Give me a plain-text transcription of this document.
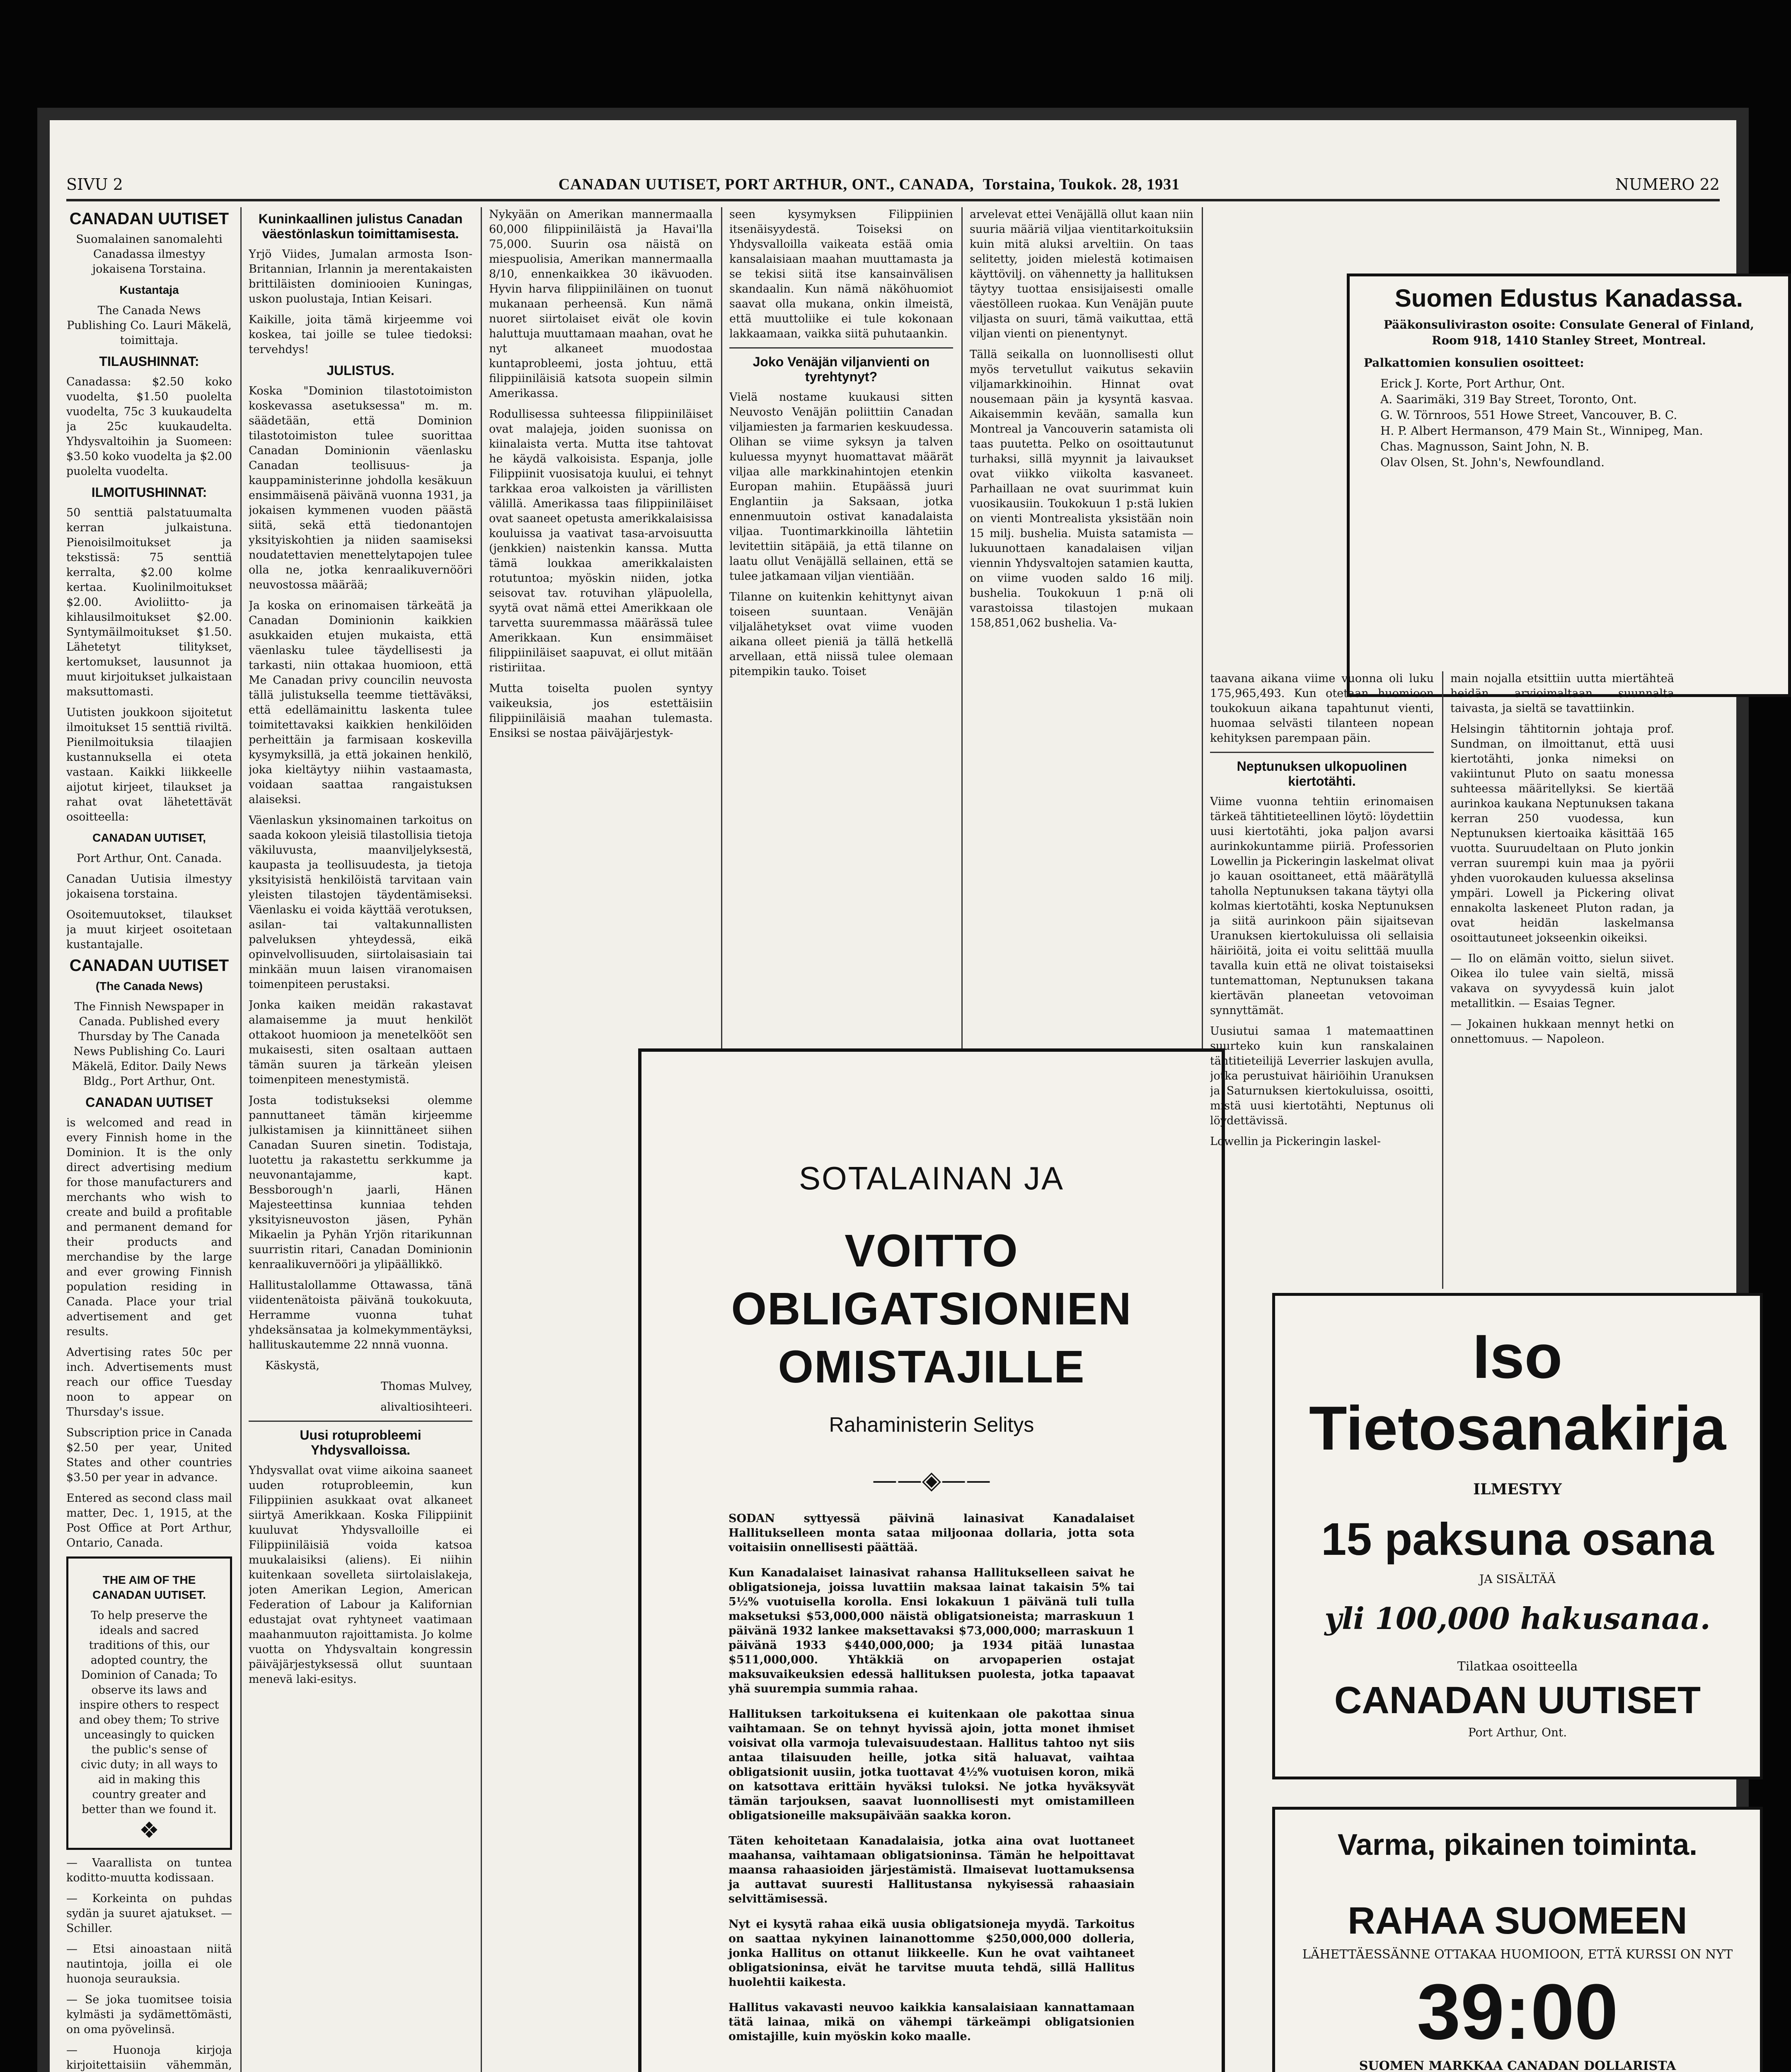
SIVU 2	CANADAN UUTISET, PORT ARTHUR, ONT., CANADA, Torstaina, Toukok. 28, 1931	NUMERO 22
CANADAN UUTISET

Suomalainen sanomalehti Canadassa ilmestyy jokaisena Torstaina.

Kustantaja

The Canada News Publishing Co. Lauri Mäkelä, toimittaja.

TILAUSHINNAT:

Canadassa: $2.50 koko vuodelta, $1.50 puolelta vuodelta, 75c 3 kuukaudelta ja 25c kuukaudelta. Yhdysvaltoihin ja Suomeen: $3.50 koko vuodelta ja $2.00 puolelta vuodelta.

ILMOITUSHINNAT:

50 senttiä palstatuumalta kerran julkaistuna. Pienoisilmoitukset ja tekstissä: 75 senttiä kerralta, $2.00 kolme kertaa. Kuolinilmoitukset $2.00. Avioliitto- ja kihlausilmoitukset $2.00. Syntymäilmoitukset $1.50. Lähetetyt tilitykset, kertomukset, lausunnot ja muut kirjoitukset julkaistaan maksuttomasti.

Uutisten joukkoon sijoitetut ilmoitukset 15 senttiä riviltä. Pienilmoituksia tilaajien kustannuksella ei oteta vastaan. Kaikki liikkeelle aijotut kirjeet, tilaukset ja rahat ovat lähetettävät osoitteella:

CANADAN UUTISET,

Port Arthur, Ont. Canada.

Canadan Uutisia ilmestyy jokaisena torstaina.

Osoitemuutokset, tilaukset ja muut kirjeet osoitetaan kustantajalle.

CANADAN UUTISET
(The Canada News)

The Finnish Newspaper in Canada. Published every Thursday by The Canada News Publishing Co. Lauri Mäkelä, Editor. Daily News Bldg., Port Arthur, Ont.

CANADAN UUTISET

is welcomed and read in every Finnish home in the Dominion. It is the only direct advertising medium for those manufacturers and merchants who wish to create and build a profitable and permanent demand for their products and merchandise by the large and ever growing Finnish population residing in Canada. Place your trial advertisement and get results.

Advertising rates 50c per inch. Advertisements must reach our office Tuesday noon to appear on Thursday's issue.

Subscription price in Canada $2.50 per year, United States and other countries $3.50 per year in advance.

Entered as second class mail matter, Dec. 1, 1915, at the Post Office at Port Arthur, Ontario, Canada.

THE AIM OF THE CANADAN UUTISET.

To help preserve the ideals and sacred traditions of this, our adopted country, the Dominion of Canada; To observe its laws and inspire others to respect and obey them; To strive unceasingly to quicken the public's sense of civic duty; in all ways to aid in making this country greater and better than we found it.

❖

— Vaarallista on tuntea koditto-muutta kodissaan.

— Korkeinta on puhdas sydän ja suuret ajatukset. — Schiller.

— Etsi ainoastaan niitä nautintoja, joilla ei ole huonoja seurauksia.

— Se joka tuomitsee toisia kylmästi ja sydämettömästi, on oma pyövelinsä.

— Huonoja kirjoja kirjoitettaisiin vähemmän,

Kuninkaallinen julistus Canadan väestönlaskun toimittamisesta.

Yrjö Viides, Jumalan armosta Ison-Britannian, Irlannin ja merentakaisten brittiläisten dominiooien Kuningas, uskon puolustaja, Intian Keisari.

Kaikille, joita tämä kirjeemme voi koskea, tai joille se tulee tiedoksi: tervehdys!

JULISTUS.

Koska "Dominion tilastotoimiston koskevassa asetuksessa" m. m. säädetään, että Dominion tilastotoimiston tulee suorittaa Canadan Dominionin väenlasku Canadan teollisuus- ja kauppaministerinne johdolla kesäkuun ensimmäisenä päivänä vuonna 1931, ja jokaisen kymmenen vuoden päästä siitä, sekä että tiedonantojen yksityiskohtien ja niiden saamiseksi noudatettavien menettelytapojen tulee olla ne, jotka kenraalikuvernööri neuvostossa määrää;

Ja koska on erinomaisen tärkeätä ja Canadan Dominionin kaikkien asukkaiden etujen mukaista, että väenlasku tulee täydellisesti ja tarkasti, niin ottakaa huomioon, että Me Canadan privy councilin neuvosta tällä julistuksella teemme tiettäväksi, että edellämainittu laskenta tulee toimitettavaksi kaikkien henkilöiden perheittäin ja farmisaan koskevilla kysymyksillä, ja että jokainen henkilö, joka kieltäytyy niihin vastaamasta, voidaan saattaa rangaistuksen alaiseksi.

Väenlaskun yksinomainen tarkoitus on saada kokoon yleisiä tilastollisia tietoja väkiluvusta, maanviljelyksestä, kaupasta ja teollisuudesta, ja tietoja yksityisistä henkilöistä tarvitaan vain yleisten tilastojen täydentämiseksi. Väenlasku ei voida käyttää verotuksen, asilan- tai valtakunnallisten palveluksen yhteydessä, eikä opinvelvollisuuden, siirtolaisasiain tai minkään muun laisen viranomaisen toimenpiteen perustaksi.

Jonka kaiken meidän rakastavat alamaisemme ja muut henkilöt ottakoot huomioon ja menetelkööt sen mukaisesti, siten osaltaan auttaen tämän suuren ja tärkeän yleisen toimenpiteen menestymistä.

Josta todistukseksi olemme pannuttaneet tämän kirjeemme julkistamisen ja kiinnittäneet siihen Canadan Suuren sinetin. Todistaja, luotettu ja rakastettu serkkumme ja neuvonantajamme, kapt. Bessborough'n jaarli, Hänen Majesteettinsa kunniaa tehden yksityisneuvoston jäsen, Pyhän Mikaelin ja Pyhän Yrjön ritarikunnan suurristin ritari, Canadan Dominionin kenraalikuvernööri ja ylipäällikkö.

Hallitustalollamme Ottawassa, tänä viidentenätoista päivänä toukokuuta, Herramme vuonna tuhat yhdeksänsataa ja kolmekymmentäyksi, hallituskautemme 22 nnnä vuonna.

Käskystä,

Thomas Mulvey,

alivaltiosihteeri.

Uusi rotuprobleemi Yhdysvalloissa.

Yhdysvallat ovat viime aikoina saaneet uuden rotuprobleemin, kun Filippiinien asukkaat ovat alkaneet siirtyä Amerikkaan. Koska Filippiinit kuuluvat Yhdysvalloille ei Filippiiniläisiä voida katsoa muukalaisiksi (aliens). Ei niihin kuitenkaan sovelleta siirtolaislakeja, joten Amerikan Legion, American Federation of Labour ja Kalifornian edustajat ovat ryhtyneet vaatimaan maahanmuuton rajoittamista. Jo kolme vuotta on Yhdysvaltain kongressin päiväjärjestyksessä ollut suuntaan menevä laki-esitys.

Nykyään on Amerikan mannermaalla 60,000 filippiiniläistä ja Havai'lla 75,000. Suurin osa näistä on miespuolisia, Amerikan mannermaalla 8/10, ennenkaikkea 30 ikävuoden. Hyvin harva filippiiniläinen on tuonut mukanaan perheensä. Kun nämä nuoret siirtolaiset eivät ole kovin haluttuja muuttamaan maahan, ovat he nyt alkaneet muodostaa kuntaprobleemi, josta johtuu, että filippiiniläisiä katsota suopein silmin Amerikassa.

Rodullisessa suhteessa filippiiniläiset ovat malajeja, joiden suonissa on kiinalaista verta. Mutta itse tahtovat he käydä valkoisista. Espanja, jolle Filippiinit vuosisatoja kuului, ei tehnyt tarkkaa eroa valkoisten ja värillisten välillä. Amerikassa taas filippiiniläiset ovat saaneet opetusta amerikkalaisissa kouluissa ja vaativat tasa-arvoisuutta (jenkkien) naistenkin kanssa. Mutta tämä loukkaa amerikkalaisten rotutuntoa; myöskin niiden, jotka seisovat tav. rotuvihan yläpuolella, syytä ovat nämä ettei Amerikkaan ole tarvetta suuremmassa määrässä tulee Amerikkaan. Kun ensimmäiset filippiiniläiset saapuvat, ei ollut mitään ristiriitaa.

Mutta toiselta puolen syntyy vaikeuksia, jos estettäisiin filippiiniläisiä maahan tulemasta. Ensiksi se nostaa päiväjärjestyk-

seen kysymyksen Filippiinien itsenäisyydestä. Toiseksi on Yhdysvalloilla vaikeata estää omia kansalaisiaan maahan muuttamasta ja se tekisi siitä itse kansainvälisen skandaalin. Kun nämä näköhuomiot saavat olla mukana, onkin ilmeistä, että muuttoliike ei tule kokonaan lakkaamaan, vaikka siitä puhutaankin.

Joko Venäjän viljanvienti on tyrehtynyt?

Vielä nostame kuukausi sitten Neuvosto Venäjän poliittiin Canadan viljamiesten ja farmarien keskuudessa. Olihan se viime syksyn ja talven kuluessa myynyt huomattavat määrät viljaa alle markkinahintojen etenkin Europan mahiin. Etupäässä juuri Englantiin ja Saksaan, jotka ennenmuutoin ostivat kanadalaista viljaa. Tuontimarkkinoilla lähtetiin levitettiin sitäpäiä, ja että tilanne on laatu ollut Venäjällä sellainen, että se tulee jatkamaan viljan vientiään.

Tilanne on kuitenkin kehittynyt aivan toiseen suuntaan. Venäjän viljalähetykset ovat viime vuoden aikana olleet pieniä ja tällä hetkellä arvellaan, että niissä tulee olemaan pitempikin tauko. Toiset

arvelevat ettei Venäjällä ollut kaan niin suuria määriä viljaa vientitarkoituksiin kuin mitä aluksi arveltiin. On taas selitetty, joiden mielestä kotimaisen käyttövilj. on vähennetty ja hallituksen täytyy tuottaa ensisijaisesti omalle väestölleen ruokaa. Kun Venäjän puute viljasta on suuri, tämä vaikuttaa, että viljan vienti on pienentynyt.

Tällä seikalla on luonnollisesti ollut myös tervetullut vaikutus sekaviin viljamarkkinoihin. Hinnat ovat nousemaan päin ja kysyntä kasvaa. Aikaisemmin kevään, samalla kun Montreal ja Vancouverin satamista oli taas puutetta. Pelko on osoittautunut turhaksi, sillä myynnit ja laivaukset ovat viikko viikolta kasvaneet. Parhaillaan ne ovat suurimmat kuin vuosikausiin. Toukokuun 1 p:stä lukien on vienti Montrealista yksistään noin 15 milj. bushelia. Muista satamista — lukuunottaen kanadalaisen viljan viennin Yhdysvaltojen satamien kautta, on viime vuoden saldo 16 milj. bushelia. Toukokuun 1 p:nä oli varastoissa tilastojen mukaan 158,851,062 bushelia. Va-

SOTALAINAN JA
VOITTO OBLIGATSIONIEN
OMISTAJILLE
Rahaministerin Selitys
——◈——

SODAN syttyessä päivinä lainasivat Kanadalaiset Hallitukselleen monta sataa miljoonaa dollaria, jotta sota voitaisiin onnellisesti päättää.

Kun Kanadalaiset lainasivat rahansa Hallitukselleen saivat he obligatsioneja, joissa luvattiin maksaa lainat takaisin 5% tai 5½% vuotuisella korolla. Ensi lokakuun 1 päivänä tuli tulla maksetuksi $53,000,000 näistä obligatsioneista; marraskuun 1 päivänä 1932 lankee maksettavaksi $73,000,000; marraskuun 1 päivänä 1933 $440,000,000; ja 1934 pitää lunastaa $511,000,000. Yhtäkkiä on arvopaperien ostajat maksuvaikeuksien edessä hallituksen puolesta, jotka tapaavat yhä suurempia summia rahaa.

Hallituksen tarkoituksena ei kuitenkaan ole pakottaa sinua vaihtamaan. Se on tehnyt hyvissä ajoin, jotta monet ihmiset voisivat olla varmoja tulevaisuudestaan. Hallitus tahtoo nyt siis antaa tilaisuuden heille, jotka sitä haluavat, vaihtaa obligatsionit uusiin, jotka tuottavat 4½% vuotuisen koron, mikä on katsottava erittäin hyväksi tuloksi. Ne jotka hyväksyvät tämän tarjouksen, saavat luonnollisesti myt omistamilleen obligatsioneille maksupäivään saakka koron.

Täten kehoitetaan Kanadalaisia, jotka aina ovat luottaneet maahansa, vaihtamaan obligatsioninsa. Tämän he helpoittavat maansa rahaasioiden järjestämistä. Ilmaisevat luottamuksensa ja auttavat suuresti Hallitustansa nykyisessä rahaasiain selvittämisessä.

Nyt ei kysytä rahaa eikä uusia obligatsioneja myydä. Tarkoitus on saattaa nykyinen lainanottomme $250,000,000 dolleria, jonka Hallitus on ottanut liikkeelle. Kun he ovat vaihtaneet obligatsioninsa, eivät he tarvitse muuta tehdä, sillä Hallitus huolehtii kaikesta.

Hallitus vakavasti neuvoo kaikkia kansalaisiaan kannattamaan tätä lainaa, mikä on vähempi tärkeämpi obligatsionien omistajille, kuin myöskin koko maalle.

Suomen Edustus Kanadassa.

Pääkonsuliviraston osoite: Consulate General of Finland, Room 918, 1410 Stanley Street, Montreal.

Palkattomien konsulien osoitteet:

Erick J. Korte, Port Arthur, Ont.
A. Saarimäki, 319 Bay Street, Toronto, Ont.
G. W. Törnroos, 551 Howe Street, Vancouver, B. C.
H. P. Albert Hermanson, 479 Main St., Winnipeg, Man.
Chas. Magnusson, Saint John, N. B.
Olav Olsen, St. John's, Newfoundland.

taavana aikana viime vuonna oli luku 175,965,493. Kun otetaan huomioon toukokuun aikana tapahtunut vienti, huomaa selvästi tilanteen nopean kehityksen parempaan päin.

Neptunuksen ulkopuolinen kiertotähti.

Viime vuonna tehtiin erinomaisen tärkeä tähtitieteellinen löytö: löydettiin uusi kiertotähti, joka paljon avarsi aurinkokuntamme piiriä. Professorien Lowellin ja Pickeringin laskelmat olivat jo kauan osoittaneet, että määrätyllä taholla Neptunuksen takana täytyi olla kolmas kiertotähti, koska Neptunuksen ja siitä aurinkoon päin sijaitsevan Uranuksen kiertokuluissa oli sellaisia häiriöitä, joita ei voitu selittää muulla tavalla kuin että ne olivat toistaiseksi tuntemattoman, Neptunuksen takana kiertävän planeetan vetovoiman synnyttämät.

Uusiutui samaa 1 matemaattinen suurteko kuin kun ranskalainen tähtitieteilijä Leverrier laskujen avulla, jotka perustuivat häiriöihin Uranuksen ja Saturnuksen kiertokuluissa, osoitti, mistä uusi kiertotähti, Neptunus oli löydettävissä.

Lowellin ja Pickeringin laskel-

main nojalla etsittiin uutta miertähteä heidän arvioimaltaan suunnalta taivasta, ja sieltä se tavattiinkin.

Helsingin tähtitornin johtaja prof. Sundman, on ilmoittanut, että uusi kiertotähti, jonka nimeksi on vakiintunut Pluto on saatu monessa suhteessa määritellyksi. Se kiertää aurinkoa kaukana Neptunuksen takana kerran 250 vuodessa, kun Neptunuksen kiertoaika käsittää 165 vuotta. Suuruudeltaan on Pluto jonkin verran suurempi kuin maa ja pyörii yhden vuorokauden kuluessa akselinsa ympäri. Lowell ja Pickering olivat ennakolta laskeneet Pluton radan, ja ovat heidän laskelmansa osoittautuneet jokseenkin oikeiksi.

— Ilo on elämän voitto, sielun siivet. Oikea ilo tulee vain sieltä, missä vakava on syvyydessä kuin jalot metallitkin. — Esaias Tegner.

— Jokainen hukkaan mennyt hetki on onnettomuus. — Napoleon.

Iso Tietosanakirja
ILMESTYY
15 paksuna osana
JA SISÄLTÄÄ
yli 100,000 hakusanaa.
Tilatkaa osoitteella
CANADAN UUTISET
Port Arthur, Ont.
Varma, pikainen toiminta.
RAHAA SUOMEEN
LÄHETTÄESSÄNNE OTTAKAA HUOMIOON, ETTÄ KURSSI ON NYT
39:00
SUOMEN MARKKAA CANADAN DOLLARISTA
